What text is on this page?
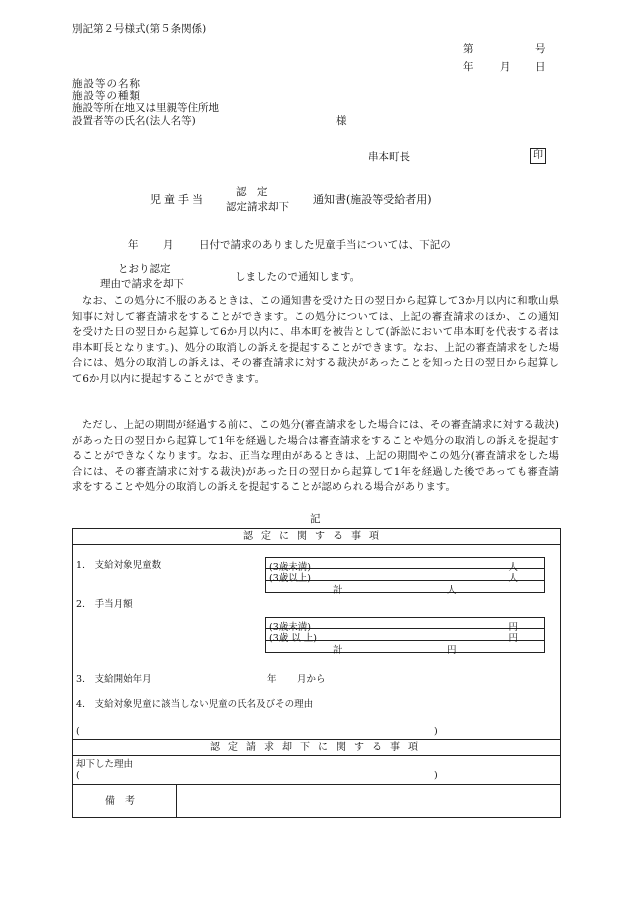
別記第２号様式(第５条関係)
第	号
年	月 日
施設等の名称
施設等の種類
施設等所在地又は里親等住所地
設置者等の氏名(法人名等)	様
串本町長	印
児童手当
認　定
認定請求却下
通知書(施設等受給者用)
年 月 日付で請求のありました児童手当については、下記の
とおり認定
理由で請求を却下
しましたので通知します。
なお、この処分に不服のあるときは、この通知書を受けた日の翌日から起算して3か月以内に和歌山県知事に対して審査請求をすることができます。この処分については、上記の審査請求のほか、この通知を受けた日の翌日から起算して6か月以内に、串本町を被告として(訴訟において串本町を代表する者は串本町長となります。)、処分の取消しの訴えを提起することができます。なお、上記の審査請求をした場合には、処分の取消しの訴えは、その審査請求に対する裁決があったことを知った日の翌日から起算して6か月以内に提起することができます。
ただし、上記の期間が経過する前に、この処分(審査請求をした場合には、その審査請求に対する裁決)があった日の翌日から起算して1年を経過した場合は審査請求をすることや処分の取消しの訴えを提起することができなくなります。なお、正当な理由があるときは、上記の期間やこの処分(審査請求をした場合には、その審査請求に対する裁決)があった日の翌日から起算して1年を経過した後であっても審査請求をすることや処分の取消しの訴えを提起することが認められる場合があります。
記
認定に関する事項
1.　支給対象児童数	(3歳未満)	人
(3歳以上)	人
計	人
2.　手当月額
(3歳未満)	円
(3歳 以 上)	円
計	円
3.　支給開始年月	年 月から
4.　支給対象児童に該当しない児童の氏名及びその理由
(	)
認定請求却下に関する事項
却下した理由
(	)
備　考
